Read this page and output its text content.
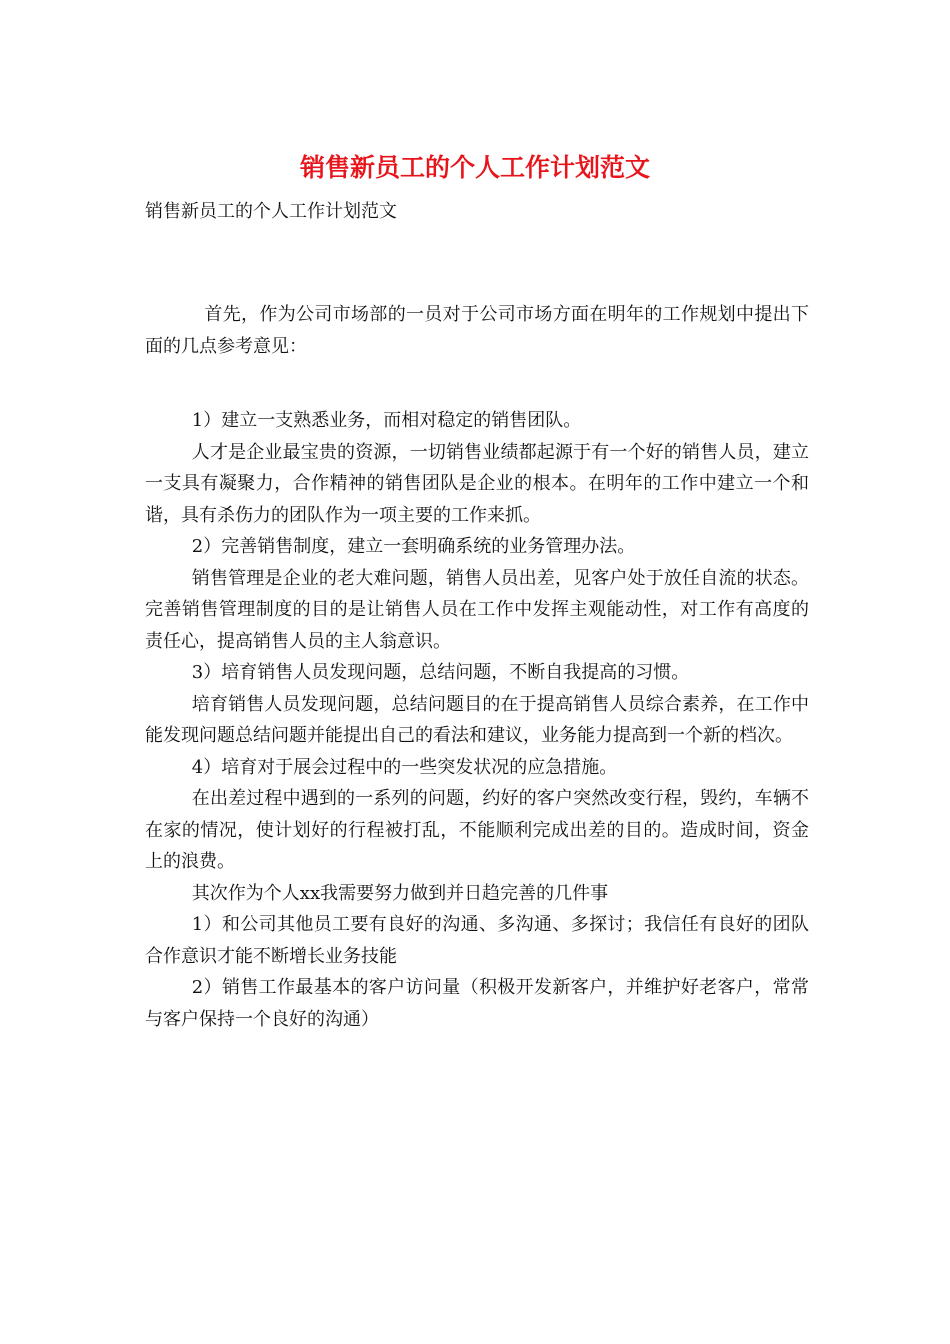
销售新员工的个人工作计划范文

销售新员工的个人工作计划范文

首先，作为公司市场部的一员对于公司市场方面在明年的工作规划中提出下面的几点参考意见：

1）建立一支熟悉业务，而相对稳定的销售团队。

人才是企业最宝贵的资源，一切销售业绩都起源于有一个好的销售人员，建立一支具有凝聚力，合作精神的销售团队是企业的根本。在明年的工作中建立一个和谐，具有杀伤力的团队作为一项主要的工作来抓。

2）完善销售制度，建立一套明确系统的业务管理办法。

销售管理是企业的老大难问题，销售人员出差，见客户处于放任自流的状态。完善销售管理制度的目的是让销售人员在工作中发挥主观能动性，对工作有高度的责任心，提高销售人员的主人翁意识。

3）培育销售人员发现问题，总结问题，不断自我提高的习惯。

培育销售人员发现问题，总结问题目的在于提高销售人员综合素养，在工作中能发现问题总结问题并能提出自己的看法和建议，业务能力提高到一个新的档次。

4）培育对于展会过程中的一些突发状况的应急措施。

在出差过程中遇到的一系列的问题，约好的客户突然改变行程，毁约，车辆不在家的情况，使计划好的行程被打乱，不能顺利完成出差的目的。造成时间，资金上的浪费。

其次作为个人xx我需要努力做到并日趋完善的几件事

1）和公司其他员工要有良好的沟通、多沟通、多探讨；我信任有良好的团队合作意识才能不断增长业务技能

2）销售工作最基本的客户访问量（积极开发新客户，并维护好老客户，常常与客户保持一个良好的沟通）
